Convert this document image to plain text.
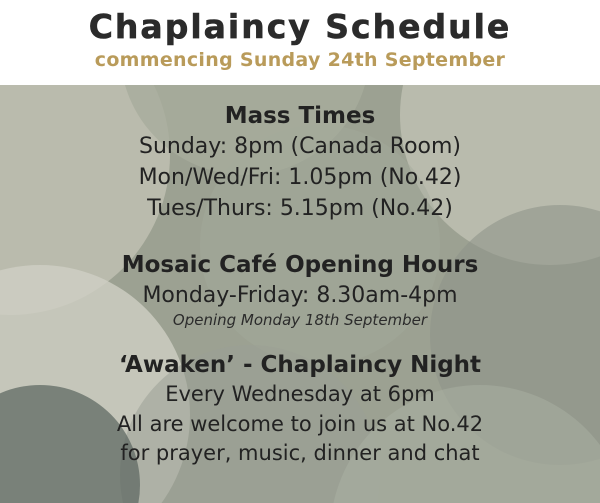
Chaplaincy Schedule
commencing Sunday 24th September
Mass Times
Sunday: 8pm (Canada Room)
Mon/Wed/Fri: 1.05pm (No.42)
Tues/Thurs: 5.15pm (No.42)
Mosaic Café Opening Hours
Monday-Friday: 8.30am-4pm
Opening Monday 18th September
‘Awaken’ - Chaplaincy Night
Every Wednesday at 6pm
All are welcome to join us at No.42
for prayer, music, dinner and chat
